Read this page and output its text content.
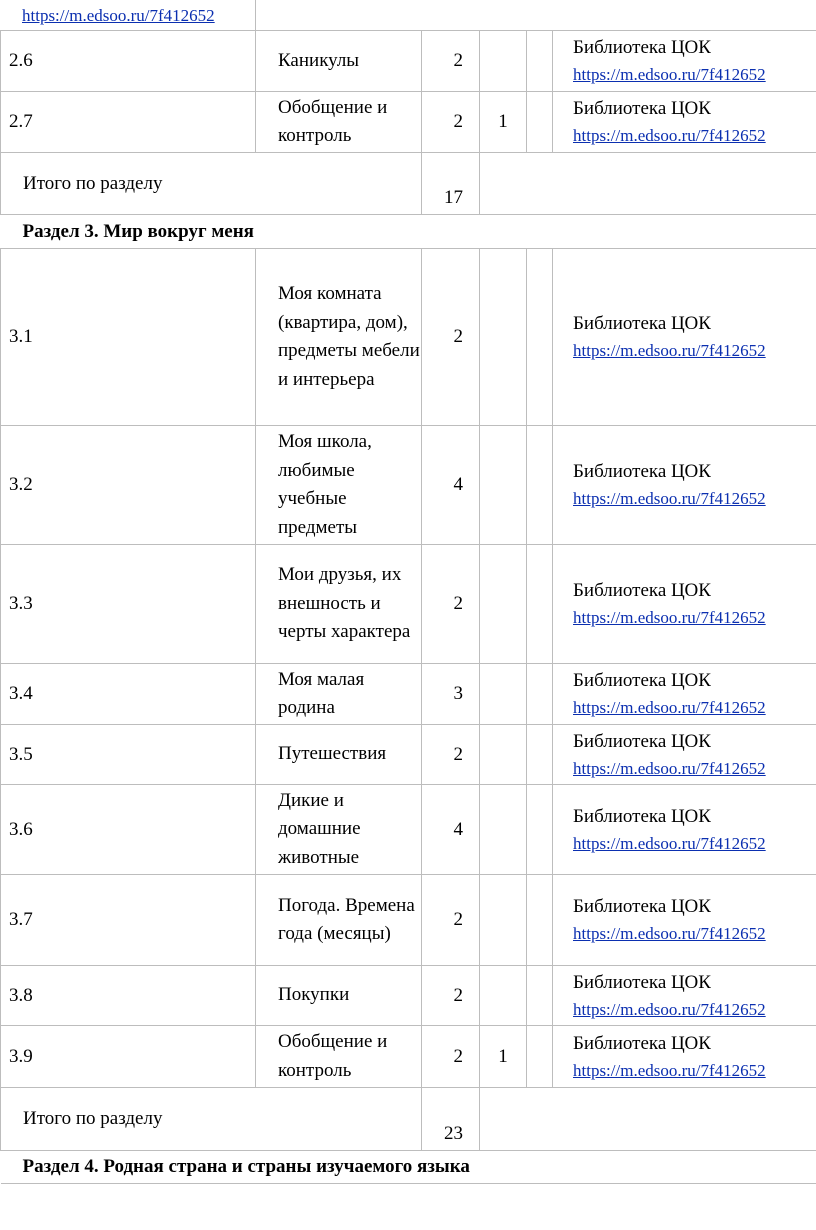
https://m.edsoo.ru/7f412652
2.6	Каникулы	2			Библиотека ЦОК
https://m.edsoo.ru/7f412652

2.7	Обобщение и контроль	2	1		Библиотека ЦОК
https://m.edsoo.ru/7f412652

Итого по разделу		17			
Раздел 3. Мир вокруг меня					
3.1	Моя комната (квартира, дом), предметы мебели и интерьера	2			Библиотека ЦОК
https://m.edsoo.ru/7f412652

3.2	Моя школа, любимые учебные предметы	4			Библиотека ЦОК
https://m.edsoo.ru/7f412652

3.3	Мои друзья, их внешность и черты характера	2			Библиотека ЦОК
https://m.edsoo.ru/7f412652

3.4	Моя малая родина	3			Библиотека ЦОК
https://m.edsoo.ru/7f412652

3.5	Путешествия	2			Библиотека ЦОК
https://m.edsoo.ru/7f412652

3.6	Дикие и домашние животные	4			Библиотека ЦОК
https://m.edsoo.ru/7f412652

3.7	Погода. Времена года (месяцы)	2			Библиотека ЦОК
https://m.edsoo.ru/7f412652

3.8	Покупки	2			Библиотека ЦОК
https://m.edsoo.ru/7f412652

3.9	Обобщение и контроль	2	1		Библиотека ЦОК
https://m.edsoo.ru/7f412652

Итого по разделу		23			
Раздел 4. Родная страна и страны изучаемого языка					
